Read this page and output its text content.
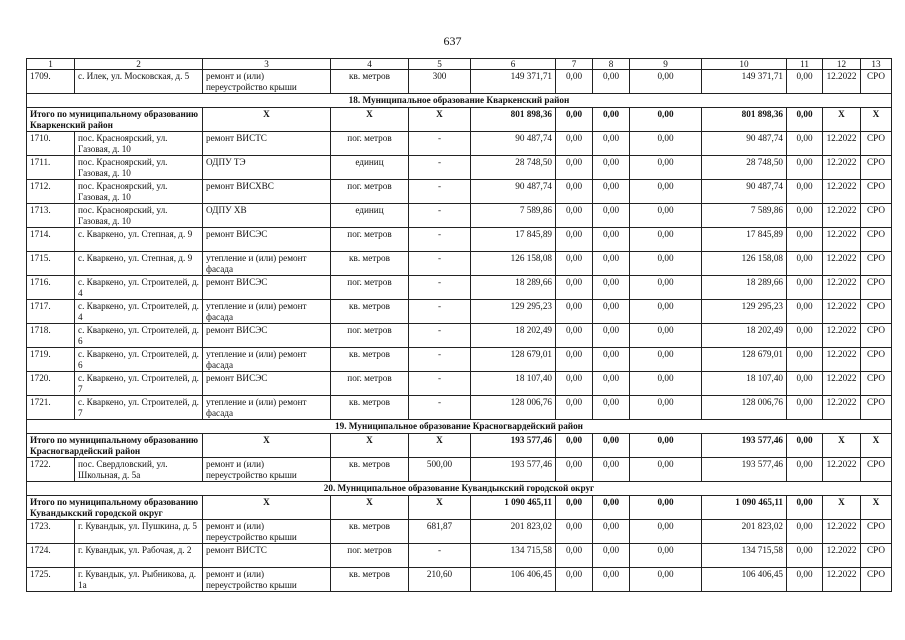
637
1	2	3	4	5	6	7	8	9	10	11	12	13
1709.	с. Илек, ул. Московская, д. 5	ремонт и (или) переустройство крыши	кв. метров	300	149 371,71	0,00	0,00	0,00	149 371,71	0,00	12.2022	СРО
18. Муниципальное образование Кваркенский район												
Итого по муниципальному образованию Кваркенский район		Х	Х	Х	801 898,36	0,00	0,00	0,00	801 898,36	0,00	Х	Х
1710.	пос. Красноярский, ул. Газовая, д. 10	ремонт ВИСТС	пог. метров	-	90 487,74	0,00	0,00	0,00	90 487,74	0,00	12.2022	СРО
1711.	пос. Красноярский, ул. Газовая, д. 10	ОДПУ ТЭ	единиц	-	28 748,50	0,00	0,00	0,00	28 748,50	0,00	12.2022	СРО
1712.	пос. Красноярский, ул. Газовая, д. 10	ремонт ВИСХВС	пог. метров	-	90 487,74	0,00	0,00	0,00	90 487,74	0,00	12.2022	СРО
1713.	пос. Красноярский, ул. Газовая, д. 10	ОДПУ ХВ	единиц	-	7 589,86	0,00	0,00	0,00	7 589,86	0,00	12.2022	СРО
1714.	с. Кваркено, ул. Степная, д. 9	ремонт ВИСЭС	пог. метров	-	17 845,89	0,00	0,00	0,00	17 845,89	0,00	12.2022	СРО
1715.	с. Кваркено, ул. Степная, д. 9	утепление и (или) ремонт фасада	кв. метров	-	126 158,08	0,00	0,00	0,00	126 158,08	0,00	12.2022	СРО
1716.	с. Кваркено, ул. Строителей, д. 4	ремонт ВИСЭС	пог. метров	-	18 289,66	0,00	0,00	0,00	18 289,66	0,00	12.2022	СРО
1717.	с. Кваркено, ул. Строителей, д. 4	утепление и (или) ремонт фасада	кв. метров	-	129 295,23	0,00	0,00	0,00	129 295,23	0,00	12.2022	СРО
1718.	с. Кваркено, ул. Строителей, д. 6	ремонт ВИСЭС	пог. метров	-	18 202,49	0,00	0,00	0,00	18 202,49	0,00	12.2022	СРО
1719.	с. Кваркено, ул. Строителей, д. 6	утепление и (или) ремонт фасада	кв. метров	-	128 679,01	0,00	0,00	0,00	128 679,01	0,00	12.2022	СРО
1720.	с. Кваркено, ул. Строителей, д. 7	ремонт ВИСЭС	пог. метров	-	18 107,40	0,00	0,00	0,00	18 107,40	0,00	12.2022	СРО
1721.	с. Кваркено, ул. Строителей, д. 7	утепление и (или) ремонт фасада	кв. метров	-	128 006,76	0,00	0,00	0,00	128 006,76	0,00	12.2022	СРО
19. Муниципальное образование Красногвардейский район												
Итого по муниципальному образованию Красногвардейский район		Х	Х	Х	193 577,46	0,00	0,00	0,00	193 577,46	0,00	Х	Х
1722.	пос. Свердловский, ул. Школьная, д. 5а	ремонт и (или) переустройство крыши	кв. метров	500,00	193 577,46	0,00	0,00	0,00	193 577,46	0,00	12.2022	СРО
20. Муниципальное образование Кувандыкский городской округ												
Итого по муниципальному образованию Кувандыкский городской округ		Х	Х	Х	1 090 465,11	0,00	0,00	0,00	1 090 465,11	0,00	Х	Х
1723.	г. Кувандык, ул. Пушкина, д. 5	ремонт и (или) переустройство крыши	кв. метров	681,87	201 823,02	0,00	0,00	0,00	201 823,02	0,00	12.2022	СРО
1724.	г. Кувандык, ул. Рабочая, д. 2	ремонт ВИСТС	пог. метров	-	134 715,58	0,00	0,00	0,00	134 715,58	0,00	12.2022	СРО
1725.	г. Кувандык, ул. Рыбникова, д. 1а	ремонт и (или) переустройство крыши	кв. метров	210,60	106 406,45	0,00	0,00	0,00	106 406,45	0,00	12.2022	СРО
